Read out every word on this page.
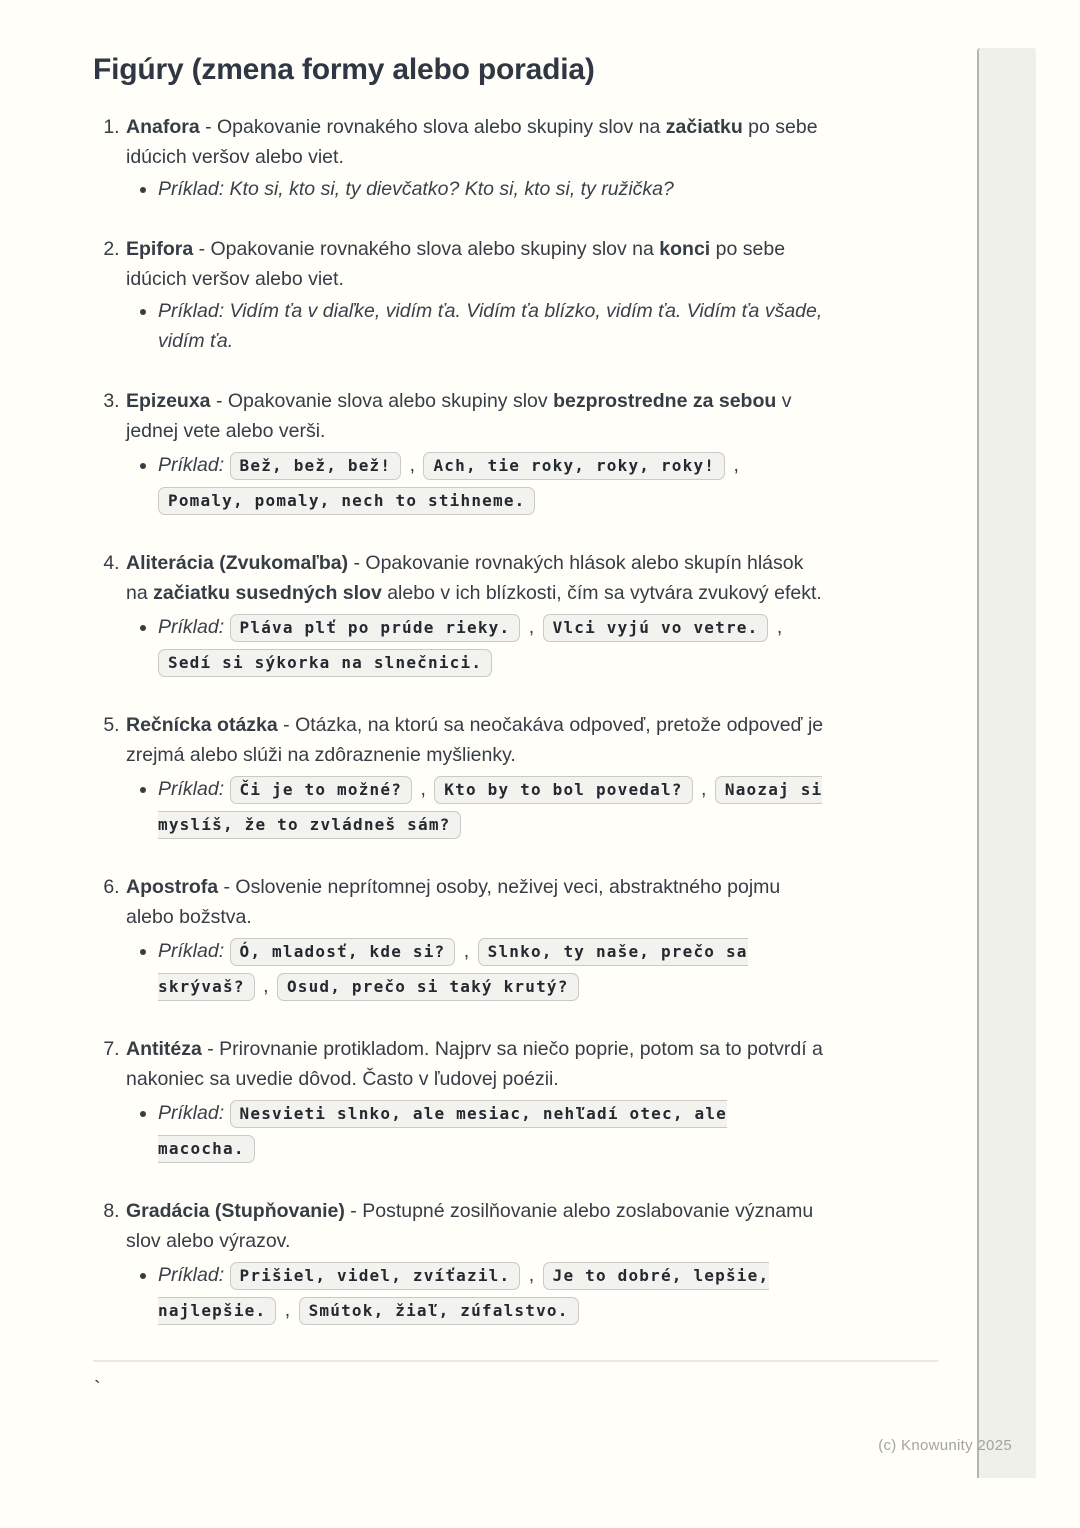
Figúry (zmena formy alebo poradia)
1. Anafora - Opakovanie rovnakého slova alebo skupiny slov na začiatku po sebe idúcich veršov alebo viet.
• Príklad: Kto si, kto si, ty dievčatko? Kto si, kto si, ty ružička?
2. Epifora - Opakovanie rovnakého slova alebo skupiny slov na konci po sebe idúcich veršov alebo viet.
• Príklad: Vidím ťa v diaľke, vidím ťa. Vidím ťa blízko, vidím ťa. Vidím ťa všade, vidím ťa.
3. Epizeuxa - Opakovanie slova alebo skupiny slov bezprostredne za sebou v jednej vete alebo verši.
• Príklad: Bež, bež, bež! , Ach, tie roky, roky, roky! , Pomaly, pomaly, nech to stihneme.
4. Aliterácia (Zvukomaľba) - Opakovanie rovnakých hlások alebo skupín hlások na začiatku susedných slov alebo v ich blízkosti, čím sa vytvára zvukový efekt.
• Príklad: Pláva plť po prúde rieky. , Vlci vyjú vo vetre. , Sedí si sýkorka na slnečnici.
5. Rečnícka otázka - Otázka, na ktorú sa neočakáva odpoveď, pretože odpoveď je zrejmá alebo slúži na zdôraznenie myšlienky.
• Príklad: Či je to možné? , Kto by to bol povedal? , Naozaj si myslíš, že to zvládneš sám?
6. Apostrofa - Oslovenie neprítomnej osoby, neživej veci, abstraktného pojmu alebo božstva.
• Príklad: Ó, mladosť, kde si? , Slnko, ty naše, prečo sa skrývaš? , Osud, prečo si taký krutý?
7. Antitéza - Prirovnanie protikladom. Najprv sa niečo poprie, potom sa to potvrdí a nakoniec sa uvedie dôvod. Často v ľudovej poézii.
• Príklad: Nesvieti slnko, ale mesiac, nehľadí otec, ale macocha.
8. Gradácia (Stupňovanie) - Postupné zosilňovanie alebo zoslabovanie významu slov alebo výrazov.
• Príklad: Prišiel, videl, zvíťazil. , Je to dobré, lepšie, najlepšie. , Smútok, žiaľ, zúfalstvo.
`
(c) Knowunity 2025
